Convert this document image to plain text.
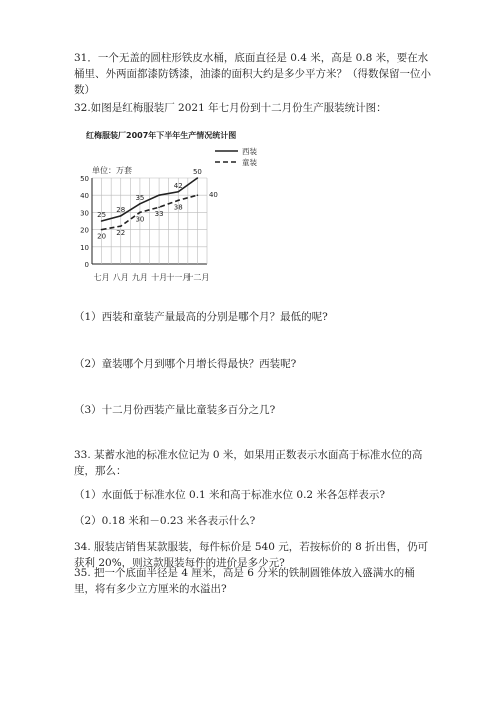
31．一个无盖的圆柱形铁皮水桶，底面直径是 0.4 米，高是 0.8 米，要在水桶里、外两面都漆防锈漆，油漆的面积大约是多少平方米？（得数保留一位小数）

32.如图是红梅服装厂 2021 年七月份到十二月份生产服装统计图：

红梅服装厂2007年下半年生产情况统计图
西装
童装
单位：万套
0
10
20
30
40
50
七月 八月 九月 十月 十一月
十二月
25
28
35
42
50
20 22
30
33
38
40

（1）西装和童装产量最高的分别是哪个月？最低的呢?

（2）童装哪个月到哪个月增长得最快？西装呢?

（3）十二月份西装产量比童装多百分之几?

33. 某蓄水池的标准水位记为 0 米，如果用正数表示水面高于标准水位的高度，那么：

（1）水面低于标准水位 0.1 米和高于标准水位 0.2 米各怎样表示?

（2）0.18 米和－0.23 米各表示什么?

34. 服装店销售某款服装，每件标价是 540 元，若按标价的 8 折出售，仍可获利 20%，则这款服装每件的进价是多少元?

35. 把一个底面半径是 4 厘米，高是 6 分米的铁制圆锥体放入盛满水的桶里，将有多少立方厘米的水溢出?
